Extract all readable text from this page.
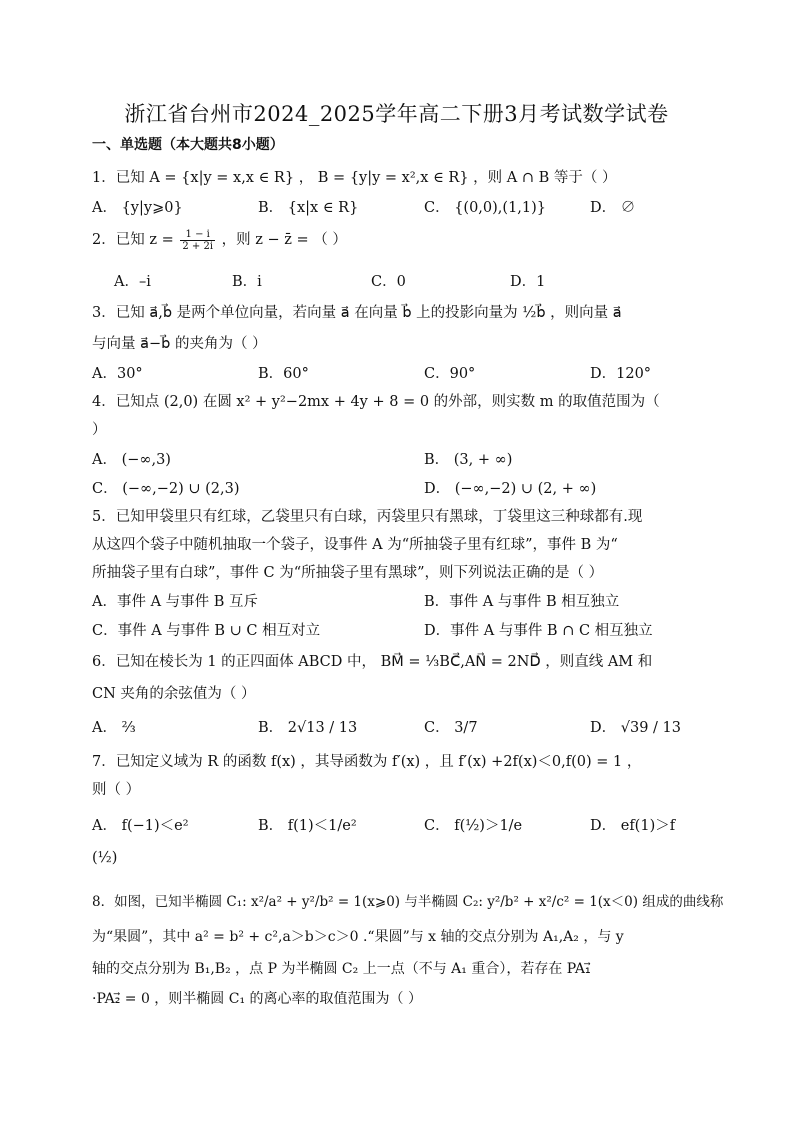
浙江省台州市2024_2025学年高二下册3月考试数学试卷
一、单选题（本大题共8小题）
1．已知 A = {x|y = x,x ∈ R} ， B = {y|y = x²,x ∈ R} ，则 A ∩ B 等于（ ）
A． {y|y⩾0}	B． {x|x ∈ R}	C． {(0,0),(1,1)}	D． ∅
2．已知 $z = \frac{1 - i}{2 + 2i}$ ，则 z − z̄ = （ ）
A．–i	B．i	C．0	D．1
3．已知 a⃗,b⃗ 是两个单位向量，若向量 a⃗ 在向量 b⃗ 上的投影向量为 ½b⃗ ，则向量 a⃗
与向量 a⃗−b⃗ 的夹角为（ ）
A．30°	B．60°	C．90°	D．120°
4．已知点 (2,0) 在圆 x² + y²−2mx + 4y + 8 = 0 的外部，则实数 m 的取值范围为（
）
A． (−∞,3)	B． (3, + ∞)
C． (−∞,−2) ∪ (2,3)	D． (−∞,−2) ∪ (2, + ∞)
5．已知甲袋里只有红球，乙袋里只有白球，丙袋里只有黑球，丁袋里这三种球都有.现
从这四个袋子中随机抽取一个袋子，设事件 A 为“所抽袋子里有红球”，事件 B 为“
所抽袋子里有白球”，事件 C 为“所抽袋子里有黑球”，则下列说法正确的是（ ）
A．事件 A 与事件 B 互斥	B．事件 A 与事件 B 相互独立
C．事件 A 与事件 B ∪ C 相互对立	D．事件 A 与事件 B ∩ C 相互独立
6．已知在棱长为 1 的正四面体 ABCD 中， BM⃗ = ⅓BC⃗,AN⃗ = 2ND⃗ ，则直线 AM 和
CN 夹角的余弦值为（ ）
A． ⅔	B． 2√13 / 13	C． 3/7	D． √39 / 13
7．已知定义域为 R 的函数 f(x) ，其导函数为 f′(x) ，且 f′(x) +2f(x)＜0,f(0) = 1 ，
则（ ）
A． f(−1)＜e²	B． f(1)＜1/e²	C． f(½)＞1/e	D． ef(1)＞f
(½)
8．如图，已知半椭圆 C₁: x²/a² + y²/b² = 1(x⩾0) 与半椭圆 C₂: y²/b² + x²/c² = 1(x＜0) 组成的曲线称
为“果圆”，其中 a² = b² + c²,a＞b＞c＞0 .“果圆”与 x 轴的交点分别为 A₁,A₂ ，与 y
轴的交点分别为 B₁,B₂ ，点 P 为半椭圆 C₂ 上一点（不与 A₁ 重合），若存在 PA₁⃗
·PA₂⃗ = 0 ，则半椭圆 C₁ 的离心率的取值范围为（ ）
